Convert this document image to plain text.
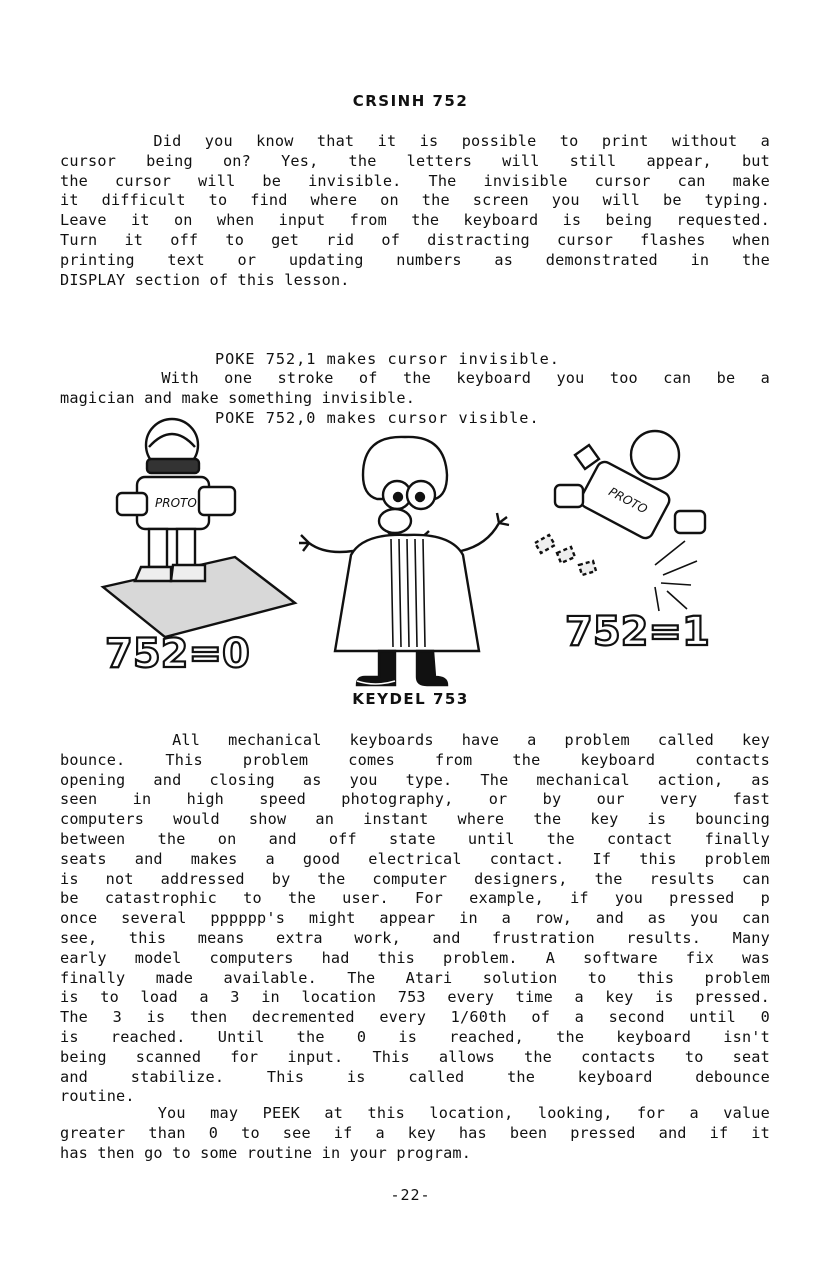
CRSINH 752
Did you know that it is possible to print without a
cursor being on? Yes, the letters will still appear, but
the cursor will be invisible. The invisible cursor can make
it difficult to find where on the screen you will be typing.
Leave it on when input from the keyboard is being requested.
Turn it off to get rid of distracting cursor flashes when
printing text or updating numbers as demonstrated in the
DISPLAY section of this lesson.

POKE 752,1 makes cursor invisible.

POKE 752,0 makes cursor visible.

With one stroke of the keyboard you too can be a
magician and make something invisible.
PROTO
752=0
PROTO
752=1
KEYDEL 753
All mechanical keyboards have a problem called key
bounce. This problem comes from the keyboard contacts
opening and closing as you type. The mechanical action, as
seen in high speed photography, or by our very fast
computers would show an instant where the key is bouncing
between the on and off state until the contact finally
seats and makes a good electrical contact. If this problem
is not addressed by the computer designers, the results can
be catastrophic to the user. For example, if you pressed p
once several pppppp's might appear in a row, and as you can
see, this means extra work, and frustration results. Many
early model computers had this problem. A software fix was
finally made available. The Atari solution to this problem
is to load a 3 in location 753 every time a key is pressed.
The 3 is then decremented every 1/60th of a second until 0
is reached. Until the 0 is reached, the keyboard isn't
being scanned for input. This allows the contacts to seat
and stabilize. This is called the keyboard debounce
routine.
You may PEEK at this location, looking, for a value
greater than 0 to see if a key has been pressed and if it
has then go to some routine in your program.
-22-
